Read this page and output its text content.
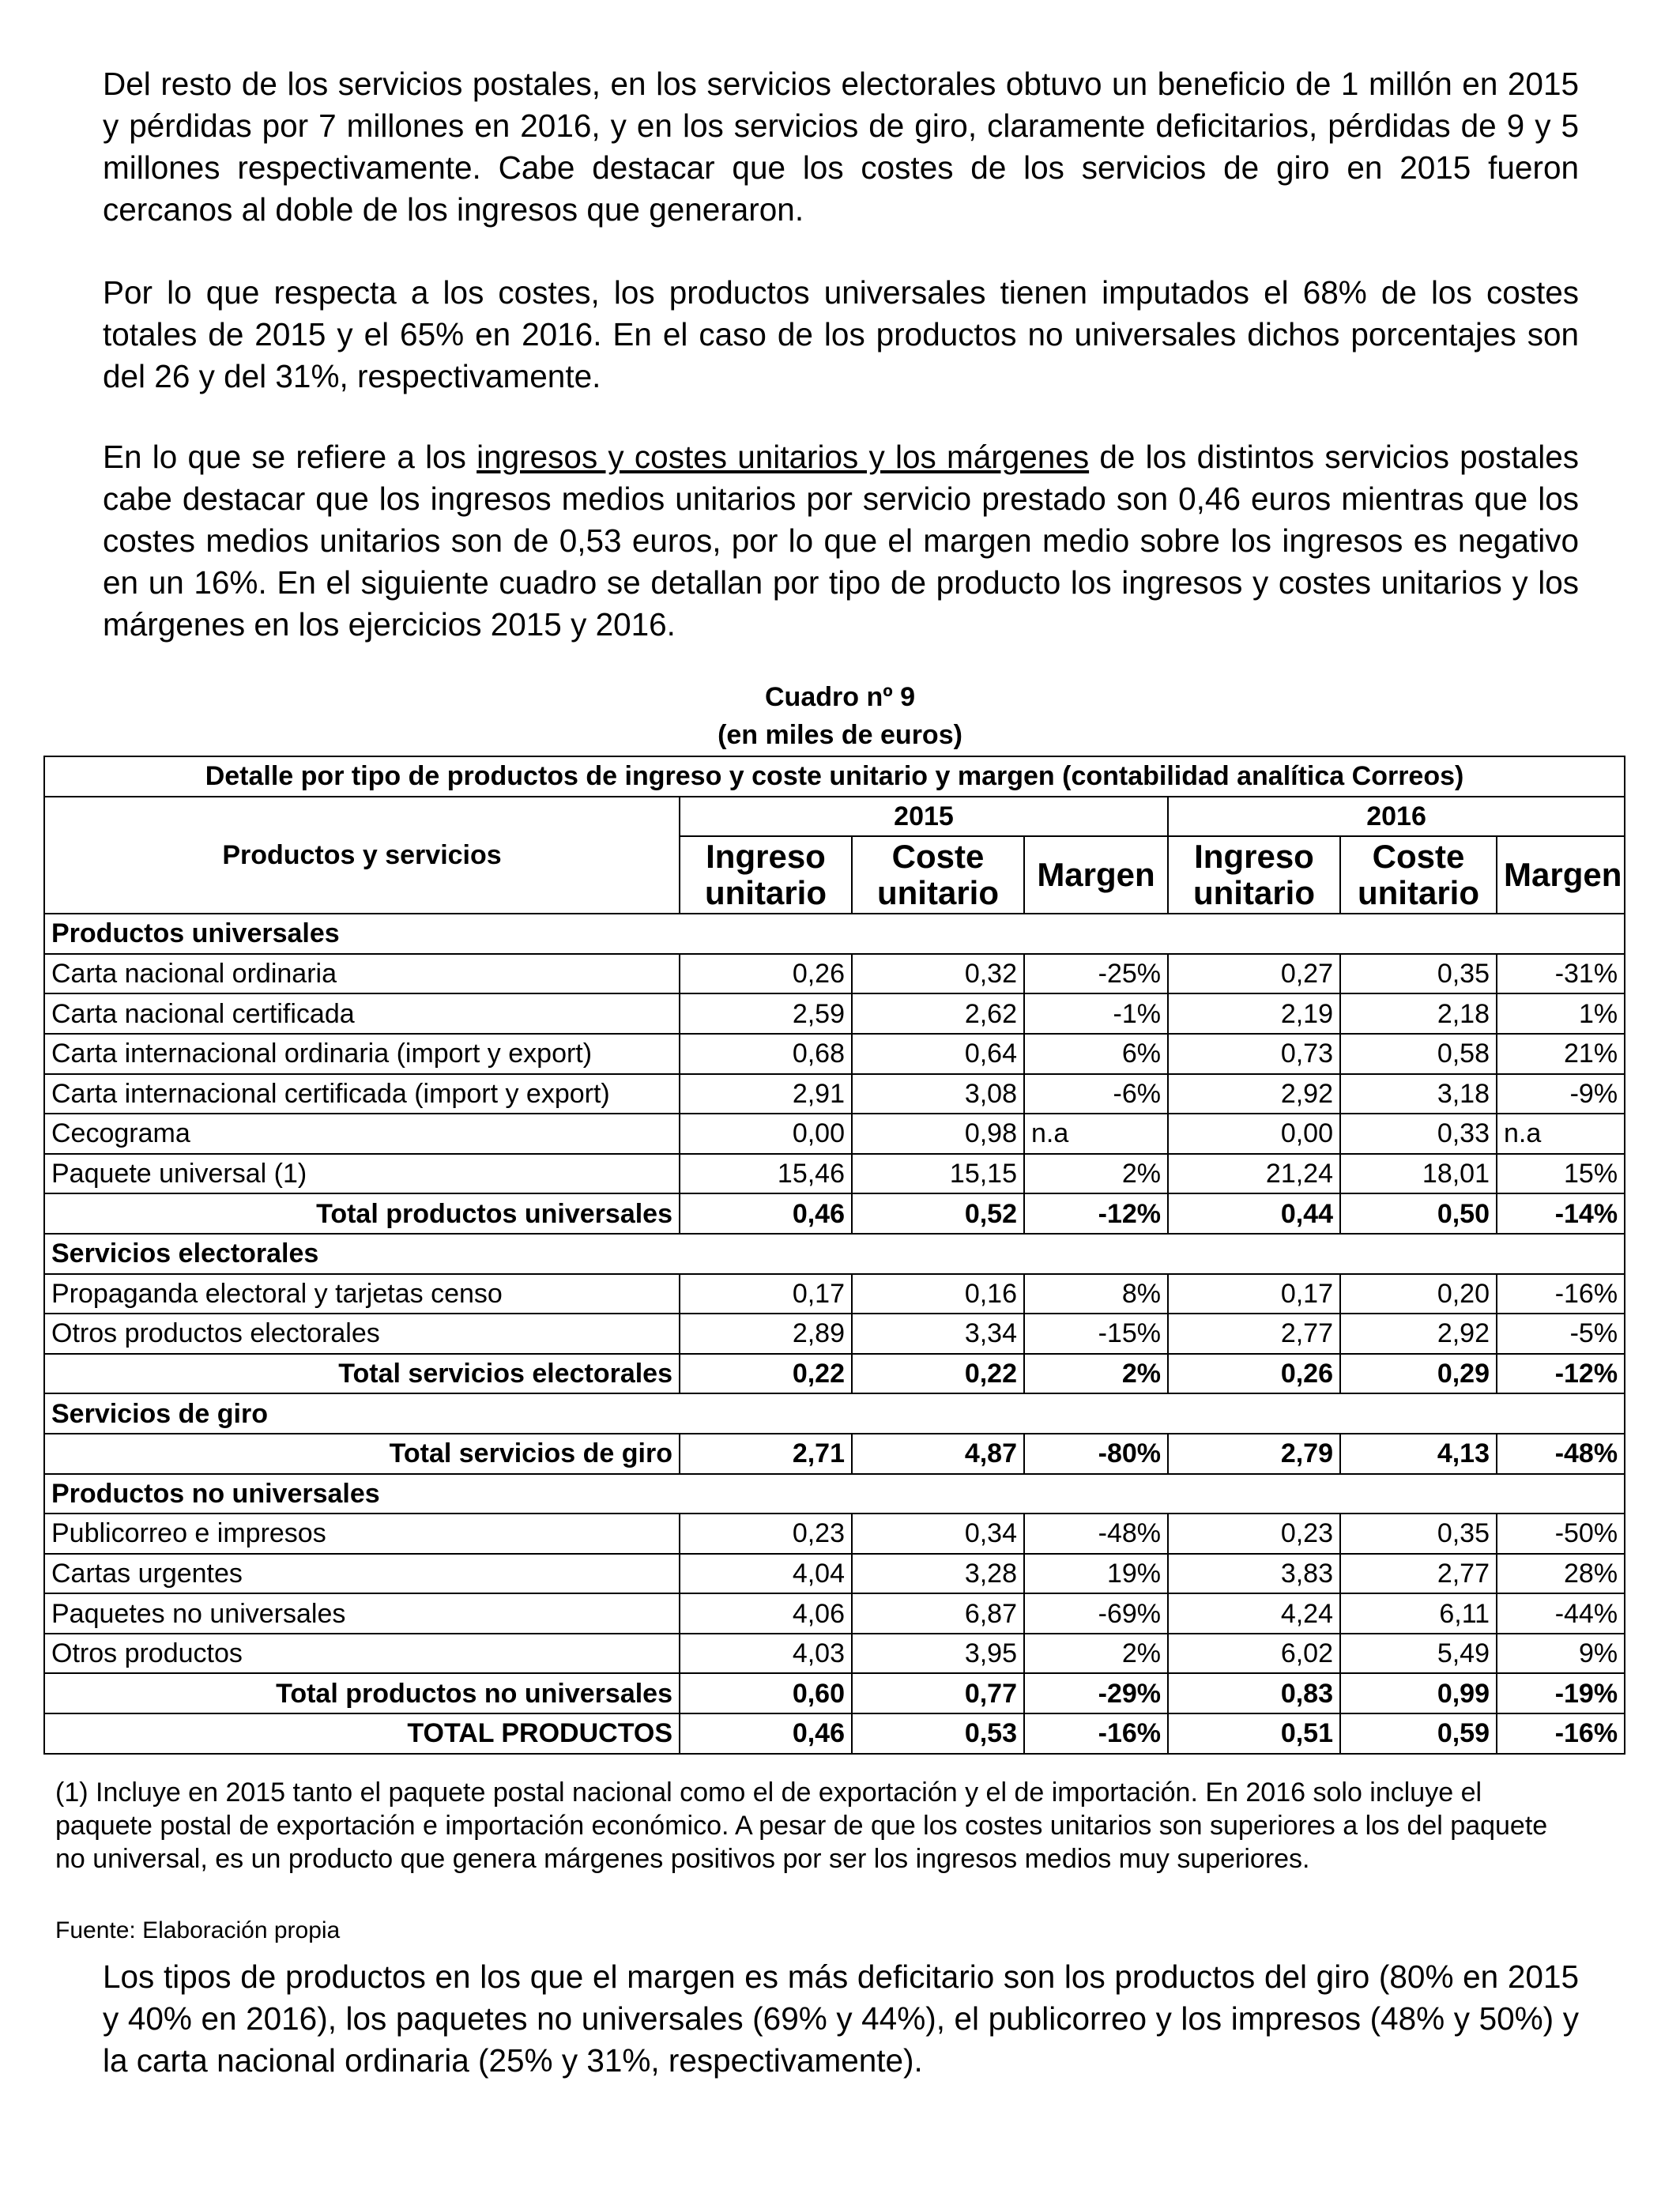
Del resto de los servicios postales, en los servicios electorales obtuvo un beneficio de 1 millón en 2015 y pérdidas por 7 millones en 2016, y en los servicios de giro, claramente deficitarios, pérdidas de 9 y 5 millones respectivamente. Cabe destacar que los costes de los servicios de giro en 2015 fueron cercanos al doble de los ingresos que generaron.

Por lo que respecta a los costes, los productos universales tienen imputados el 68% de los costes totales de 2015 y el 65% en 2016. En el caso de los productos no universales dichos porcentajes son del 26 y del 31%, respectivamente.

En lo que se refiere a los ingresos y costes unitarios y los márgenes de los distintos servicios postales cabe destacar que los ingresos medios unitarios por servicio prestado son 0,46 euros mientras que los costes medios unitarios son de 0,53 euros, por lo que el margen medio sobre los ingresos es negativo en un 16%. En el siguiente cuadro se detallan por tipo de producto los ingresos y costes unitarios y los márgenes en los ejercicios 2015 y 2016.

Cuadro nº 9
(en miles de euros)
Detalle por tipo de productos de ingreso y coste unitario y margen (contabilidad analítica Correos)						
Productos y servicios	2015			2016		
	Ingreso unitario	Coste unitario	Margen	Ingreso unitario	Coste unitario	Margen
Productos universales						
Carta nacional ordinaria	0,26	0,32	-25%	0,27	0,35	-31%
Carta nacional certificada	2,59	2,62	-1%	2,19	2,18	1%
Carta internacional ordinaria (import y export)	0,68	0,64	6%	0,73	0,58	21%
Carta internacional certificada (import y export)	2,91	3,08	-6%	2,92	3,18	-9%
Cecograma	0,00	0,98	n.a	0,00	0,33	n.a
Paquete universal (1)	15,46	15,15	2%	21,24	18,01	15%
Total productos universales	0,46	0,52	-12%	0,44	0,50	-14%
Servicios electorales						
Propaganda electoral y tarjetas censo	0,17	0,16	8%	0,17	0,20	-16%
Otros productos electorales	2,89	3,34	-15%	2,77	2,92	-5%
Total servicios electorales	0,22	0,22	2%	0,26	0,29	-12%
Servicios de giro						
Total servicios de giro	2,71	4,87	-80%	2,79	4,13	-48%
Productos no universales						
Publicorreo e impresos	0,23	0,34	-48%	0,23	0,35	-50%
Cartas urgentes	4,04	3,28	19%	3,83	2,77	28%
Paquetes no universales	4,06	6,87	-69%	4,24	6,11	-44%
Otros productos	4,03	3,95	2%	6,02	5,49	9%
Total productos no universales	0,60	0,77	-29%	0,83	0,99	-19%
TOTAL PRODUCTOS	0,46	0,53	-16%	0,51	0,59	-16%

(1) Incluye en 2015 tanto el paquete postal nacional como el de exportación y el de importación. En 2016 solo incluye el paquete postal de exportación e importación económico. A pesar de que los costes unitarios son superiores a los del paquete no universal, es un producto que genera márgenes positivos por ser los ingresos medios muy superiores.

Fuente: Elaboración propia

Los tipos de productos en los que el margen es más deficitario son los productos del giro (80% en 2015 y 40% en 2016), los paquetes no universales (69% y 44%), el publicorreo y los impresos (48% y 50%) y la carta nacional ordinaria (25% y 31%, respectivamente).
